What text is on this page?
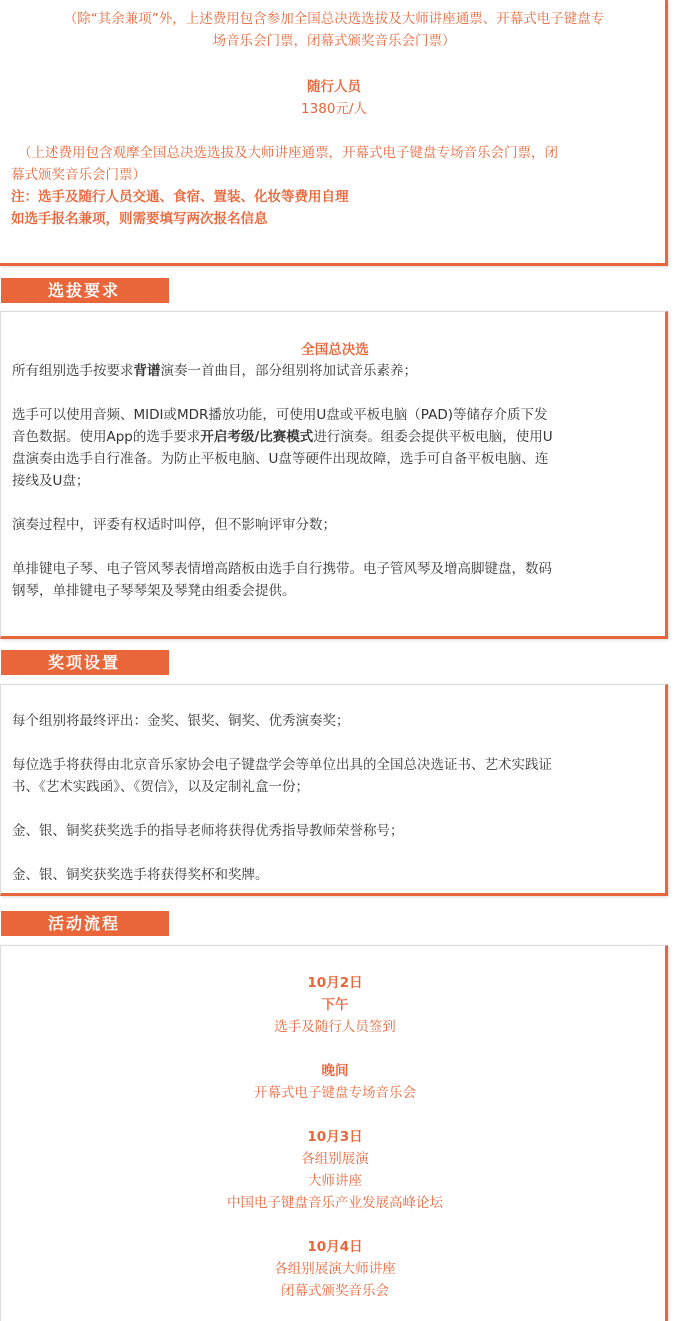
（除“其余兼项”外，上述费用包含参加全国总决选选拔及大师讲座通票、开幕式电子键盘专
场音乐会门票，闭幕式颁奖音乐会门票）
随行人员
1380元/人
（上述费用包含观摩全国总决选选拔及大师讲座通票，开幕式电子键盘专场音乐会门票，闭
幕式颁奖音乐会门票）
注：选手及随行人员交通、食宿、置装、化妆等费用自理
如选手报名兼项，则需要填写两次报名信息
选拔要求
全国总决选
所有组别选手按要求背谱演奏一首曲目，部分组别将加试音乐素养；
选手可以使用音频、MIDI或MDR播放功能，可使用U盘或平板电脑（PAD)等储存介质下发
音色数据。使用App的选手要求开启考级/比赛模式进行演奏。组委会提供平板电脑，使用U
盘演奏由选手自行准备。为防止平板电脑、U盘等硬件出现故障，选手可自备平板电脑、连
接线及U盘；
演奏过程中，评委有权适时叫停，但不影响评审分数；
单排键电子琴、电子管风琴表情增高踏板由选手自行携带。电子管风琴及增高脚键盘，数码
钢琴，单排键电子琴琴架及琴凳由组委会提供。
奖项设置
每个组别将最终评出：金奖、银奖、铜奖、优秀演奏奖；
每位选手将获得由北京音乐家协会电子键盘学会等单位出具的全国总决选证书、艺术实践证
书、《艺术实践函》、《贺信》，以及定制礼盒一份；
金、银、铜奖获奖选手的指导老师将获得优秀指导教师荣誉称号；
金、银、铜奖获奖选手将获得奖杯和奖牌。
活动流程
10月2日
下午
选手及随行人员签到
晚间
开幕式电子键盘专场音乐会
10月3日
各组别展演
大师讲座
中国电子键盘音乐产业发展高峰论坛
10月4日
各组别展演大师讲座
闭幕式颁奖音乐会
